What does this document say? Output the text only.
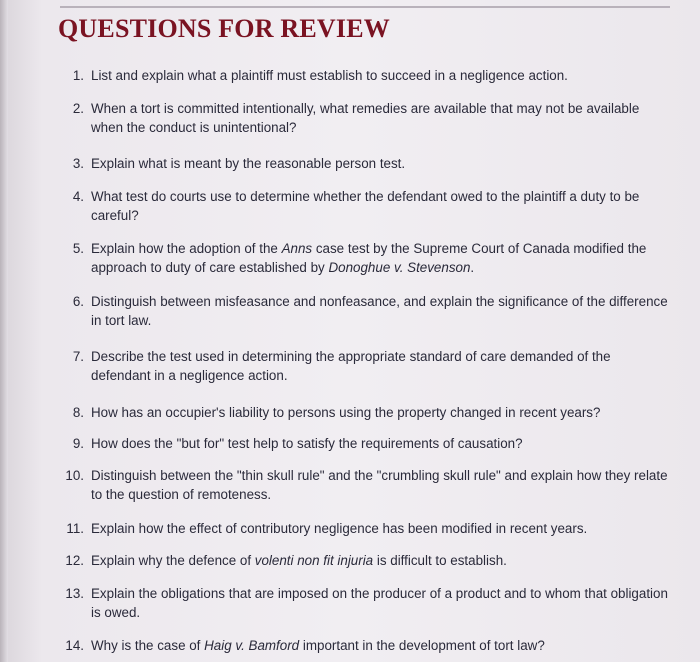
QUESTIONS FOR REVIEW
1. List and explain what a plaintiff must establish to succeed in a negligence action.
2. When a tort is committed intentionally, what remedies are available that may not be available when the conduct is unintentional?
3. Explain what is meant by the reasonable person test.
4. What test do courts use to determine whether the defendant owed to the plaintiff a duty to be careful?
5. Explain how the adoption of the Anns case test by the Supreme Court of Canada modified the approach to duty of care established by Donoghue v. Stevenson.
6. Distinguish between misfeasance and nonfeasance, and explain the significance of the difference in tort law.
7. Describe the test used in determining the appropriate standard of care demanded of the defendant in a negligence action.
8. How has an occupier's liability to persons using the property changed in recent years?
9. How does the "but for" test help to satisfy the requirements of causation?
10. Distinguish between the "thin skull rule" and the "crumbling skull rule" and explain how they relate to the question of remoteness.
11. Explain how the effect of contributory negligence has been modified in recent years.
12. Explain why the defence of volenti non fit injuria is difficult to establish.
13. Explain the obligations that are imposed on the producer of a product and to whom that obligation is owed.
14. Why is the case of Haig v. Bamford important in the development of tort law?
